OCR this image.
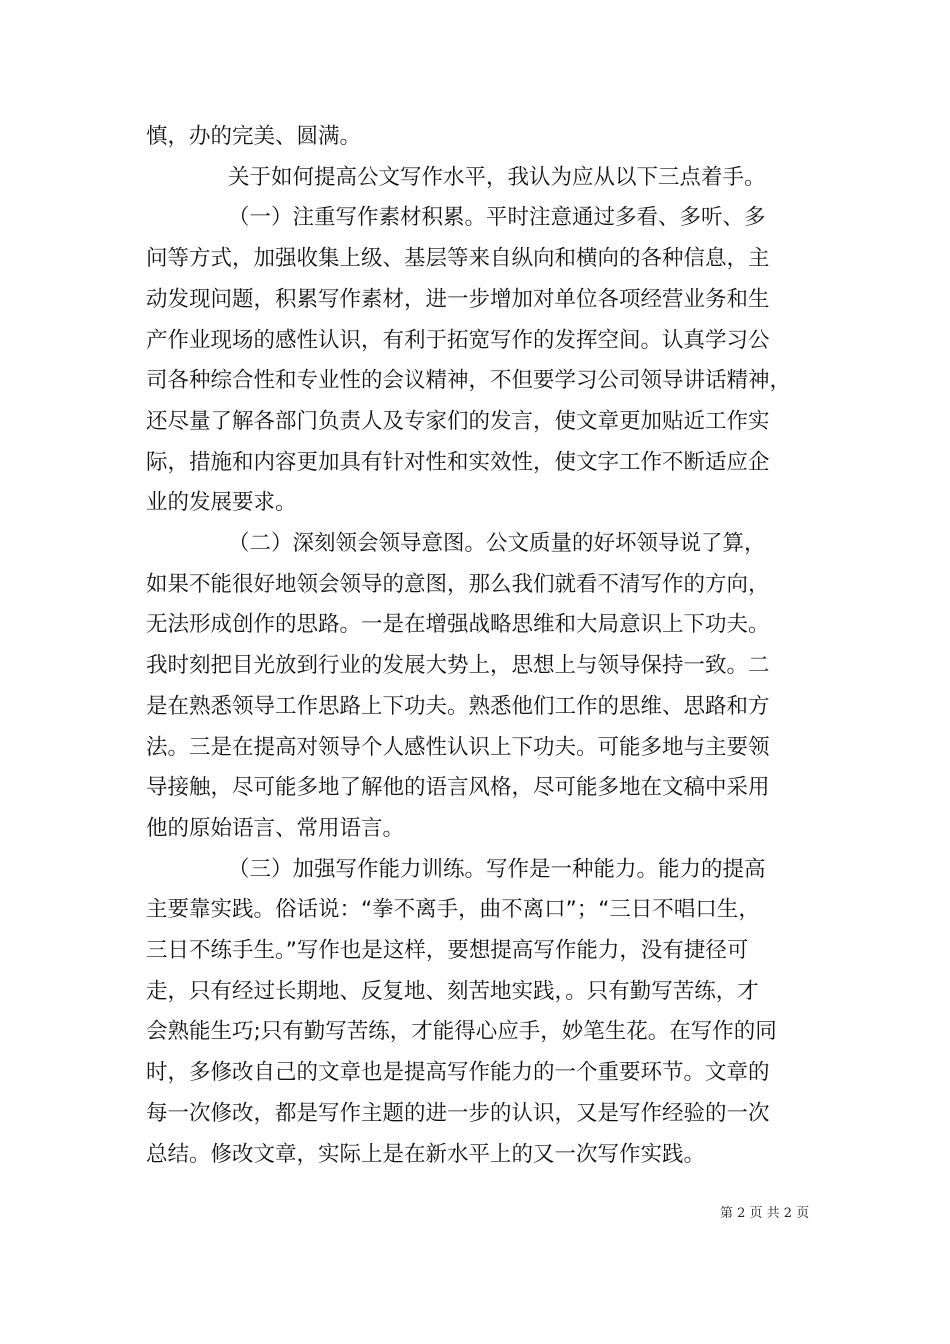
慎，办的完美、圆满。
关于如何提高公文写作水平，我认为应从以下三点着手。
（一）注重写作素材积累。平时注意通过多看、多听、多
问等方式，加强收集上级、基层等来自纵向和横向的各种信息，主
动发现问题，积累写作素材，进一步增加对单位各项经营业务和生
产作业现场的感性认识，有利于拓宽写作的发挥空间。认真学习公
司各种综合性和专业性的会议精神，不但要学习公司领导讲话精神，
还尽量了解各部门负责人及专家们的发言，使文章更加贴近工作实
际，措施和内容更加具有针对性和实效性，使文字工作不断适应企
业的发展要求。
（二）深刻领会领导意图。公文质量的好坏领导说了算，
如果不能很好地领会领导的意图，那么我们就看不清写作的方向，
无法形成创作的思路。一是在增强战略思维和大局意识上下功夫。
我时刻把目光放到行业的发展大势上，思想上与领导保持一致。二
是在熟悉领导工作思路上下功夫。熟悉他们工作的思维、思路和方
法。三是在提高对领导个人感性认识上下功夫。可能多地与主要领
导接触，尽可能多地了解他的语言风格，尽可能多地在文稿中采用
他的原始语言、常用语言。
（三）加强写作能力训练。写作是一种能力。能力的提高
主要靠实践。俗话说：“拳不离手，曲不离口”；“三日不唱口生，
三日不练手生。”写作也是这样，要想提高写作能力，没有捷径可
走，只有经过长期地、反复地、刻苦地实践，。只有勤写苦练，才
会熟能生巧;只有勤写苦练，才能得心应手，妙笔生花。在写作的同
时，多修改自己的文章也是提高写作能力的一个重要环节。文章的
每一次修改，都是写作主题的进一步的认识，又是写作经验的一次
总结。修改文章，实际上是在新水平上的又一次写作实践。
第 2 页 共 2 页
